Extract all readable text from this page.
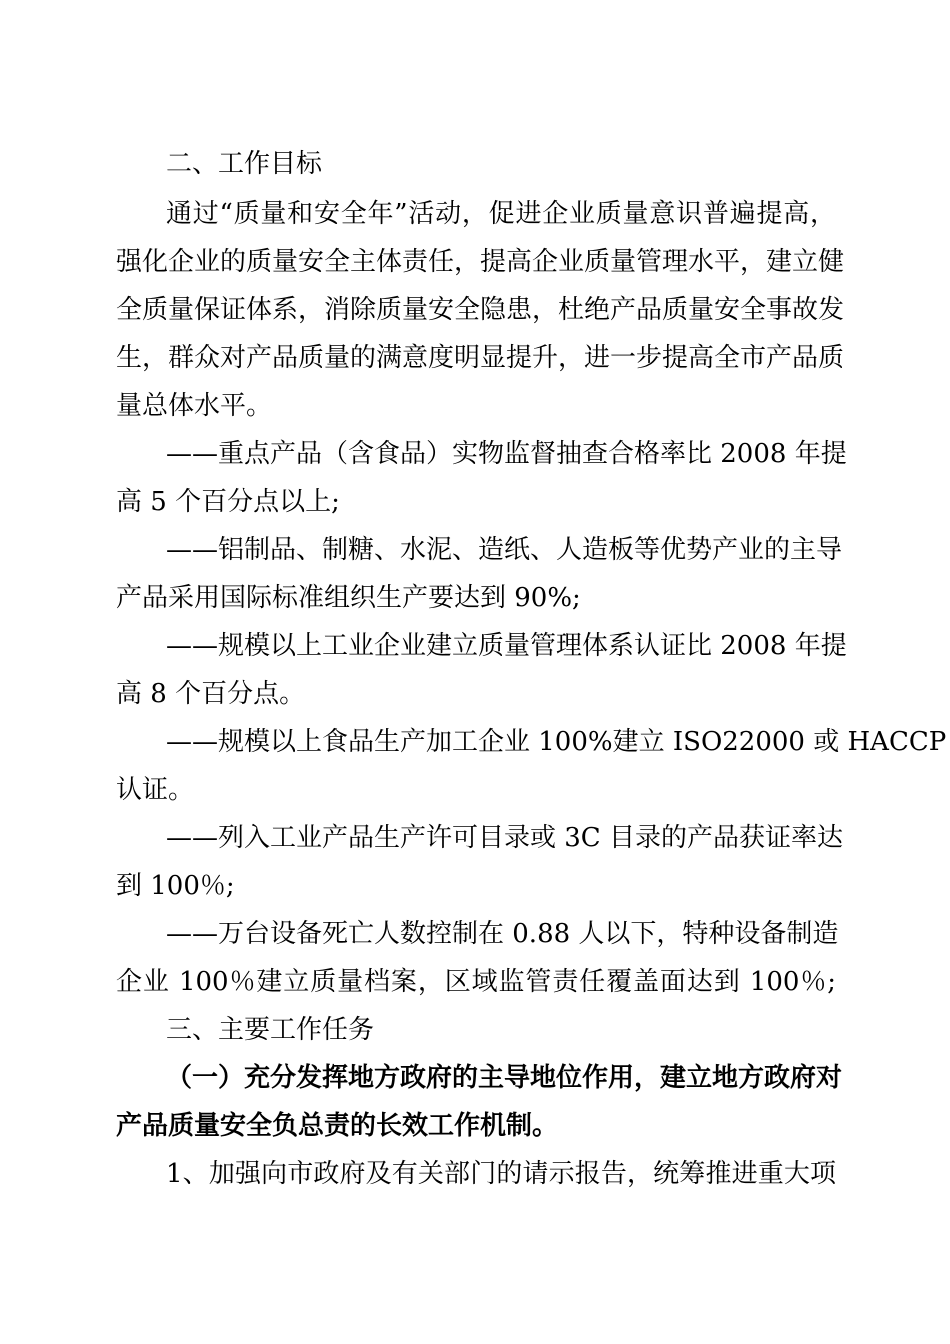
二、工作目标
通过“质量和安全年”活动，促进企业质量意识普遍提高，
强化企业的质量安全主体责任，提高企业质量管理水平，建立健
全质量保证体系，消除质量安全隐患，杜绝产品质量安全事故发
生，群众对产品质量的满意度明显提升，进一步提高全市产品质
量总体水平。
——重点产品（含食品）实物监督抽查合格率比 2008 年提
高 5 个百分点以上;
——铝制品、制糖、水泥、造纸、人造板等优势产业的主导
产品采用国际标准组织生产要达到 90%;
——规模以上工业企业建立质量管理体系认证比 2008 年提
高 8 个百分点。
——规模以上食品生产加工企业 100%建立 ISO22000 或 HACCP
认证。
——列入工业产品生产许可目录或 3C 目录的产品获证率达
到 100％;
——万台设备死亡人数控制在 0.88 人以下，特种设备制造
企业 100％建立质量档案，区域监管责任覆盖面达到 100％;
三、主要工作任务
（一）充分发挥地方政府的主导地位作用，建立地方政府对
产品质量安全负总责的长效工作机制。
1、加强向市政府及有关部门的请示报告，统筹推进重大项
